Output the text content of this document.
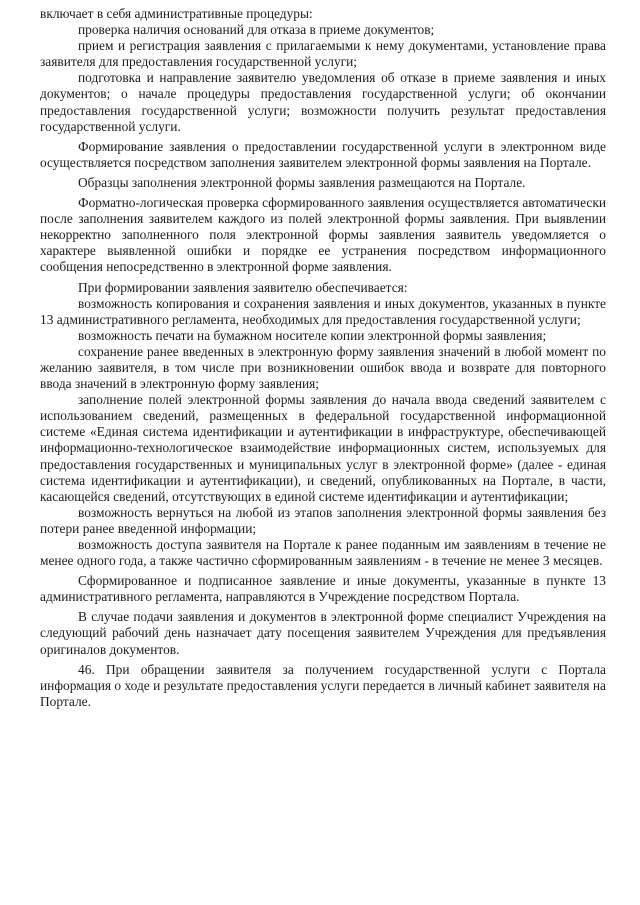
включает в себя административные процедуры:

проверка наличия оснований для отказа в приеме документов;

прием и регистрация заявления с прилагаемыми к нему документами, установление права заявителя для предоставления государственной услуги;

подготовка и направление заявителю уведомления об отказе в приеме заявления и иных документов; о начале процедуры предоставления государственной услуги; об окончании предоставления государственной услуги; возможности получить результат предоставления государственной услуги.

Формирование заявления о предоставлении государственной услуги в электронном виде осуществляется посредством заполнения заявителем электронной формы заявления на Портале.

Образцы заполнения электронной формы заявления размещаются на Портале.

Форматно-логическая проверка сформированного заявления осуществляется автоматически после заполнения заявителем каждого из полей электронной формы заявления. При выявлении некорректно заполненного поля электронной формы заявления заявитель уведомляется о характере выявленной ошибки и порядке ее устранения посредством информационного сообщения непосредственно в электронной форме заявления.

При формировании заявления заявителю обеспечивается:

возможность копирования и сохранения заявления и иных документов, указанных в пункте 13 административного регламента, необходимых для предоставления государственной услуги;

возможность печати на бумажном носителе копии электронной формы заявления;

сохранение ранее введенных в электронную форму заявления значений в любой момент по желанию заявителя, в том числе при возникновении ошибок ввода и возврате для повторного ввода значений в электронную форму заявления;

заполнение полей электронной формы заявления до начала ввода сведений заявителем с использованием сведений, размещенных в федеральной государственной информационной системе «Единая система идентификации и аутентификации в инфраструктуре, обеспечивающей информационно-технологическое взаимодействие информационных систем, используемых для предоставления государственных и муниципальных услуг в электронной форме» (далее - единая система идентификации и аутентификации), и сведений, опубликованных на Портале, в части, касающейся сведений, отсутствующих в единой системе идентификации и аутентификации;

возможность вернуться на любой из этапов заполнения электронной формы заявления без потери ранее введенной информации;

возможность доступа заявителя на Портале к ранее поданным им заявлениям в течение не менее одного года, а также частично сформированным заявлениям - в течение не менее 3 месяцев.

Сформированное и подписанное заявление и иные документы, указанные в пункте 13 административного регламента, направляются в Учреждение посредством Портала.

В случае подачи заявления и документов в электронной форме специалист Учреждения на следующий рабочий день назначает дату посещения заявителем Учреждения для предъявления оригиналов документов.

46. При обращении заявителя за получением государственной услуги с Портала информация о ходе и результате предоставления услуги передается в личный кабинет заявителя на Портале.
